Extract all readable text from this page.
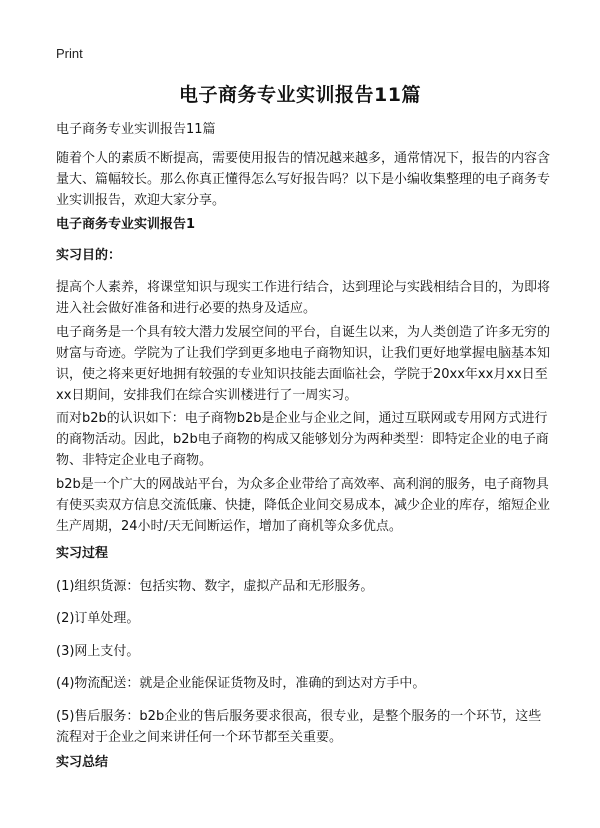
Print
电子商务专业实训报告11篇

电子商务专业实训报告11篇

随着个人的素质不断提高，需要使用报告的情况越来越多，通常情况下，报告的内容含量大、篇幅较长。那么你真正懂得怎么写好报告吗？以下是小编收集整理的电子商务专业实训报告，欢迎大家分享。

电子商务专业实训报告1

实习目的：

提高个人素养，将课堂知识与现实工作进行结合，达到理论与实践相结合目的，为即将进入社会做好准备和进行必要的热身及适应。

电子商务是一个具有较大潜力发展空间的平台，自诞生以来，为人类创造了许多无穷的财富与奇迹。学院为了让我们学到更多地电子商物知识，让我们更好地掌握电脑基本知识，使之将来更好地拥有较强的专业知识技能去面临社会，学院于20xx年xx月xx日至xx日期间，安排我们在综合实训楼进行了一周实习。

而对b2b的认识如下：电子商物b2b是企业与企业之间，通过互联网或专用网方式进行的商物活动。因此，b2b电子商物的构成又能够划分为两种类型：即特定企业的电子商物、非特定企业电子商物。

b2b是一个广大的网战站平台，为众多企业带给了高效率、高利润的服务，电子商物具有使买卖双方信息交流低廉、快捷，降低企业间交易成本，减少企业的库存，缩短企业生产周期，24小时/天无间断运作，增加了商机等众多优点。

实习过程

(1)组织货源：包括实物、数字，虚拟产品和无形服务。

(2)订单处理。

(3)网上支付。

(4)物流配送：就是企业能保证货物及时，准确的到达对方手中。

(5)售后服务：b2b企业的售后服务要求很高，很专业，是整个服务的一个环节，这些流程对于企业之间来讲任何一个环节都至关重要。

实习总结
